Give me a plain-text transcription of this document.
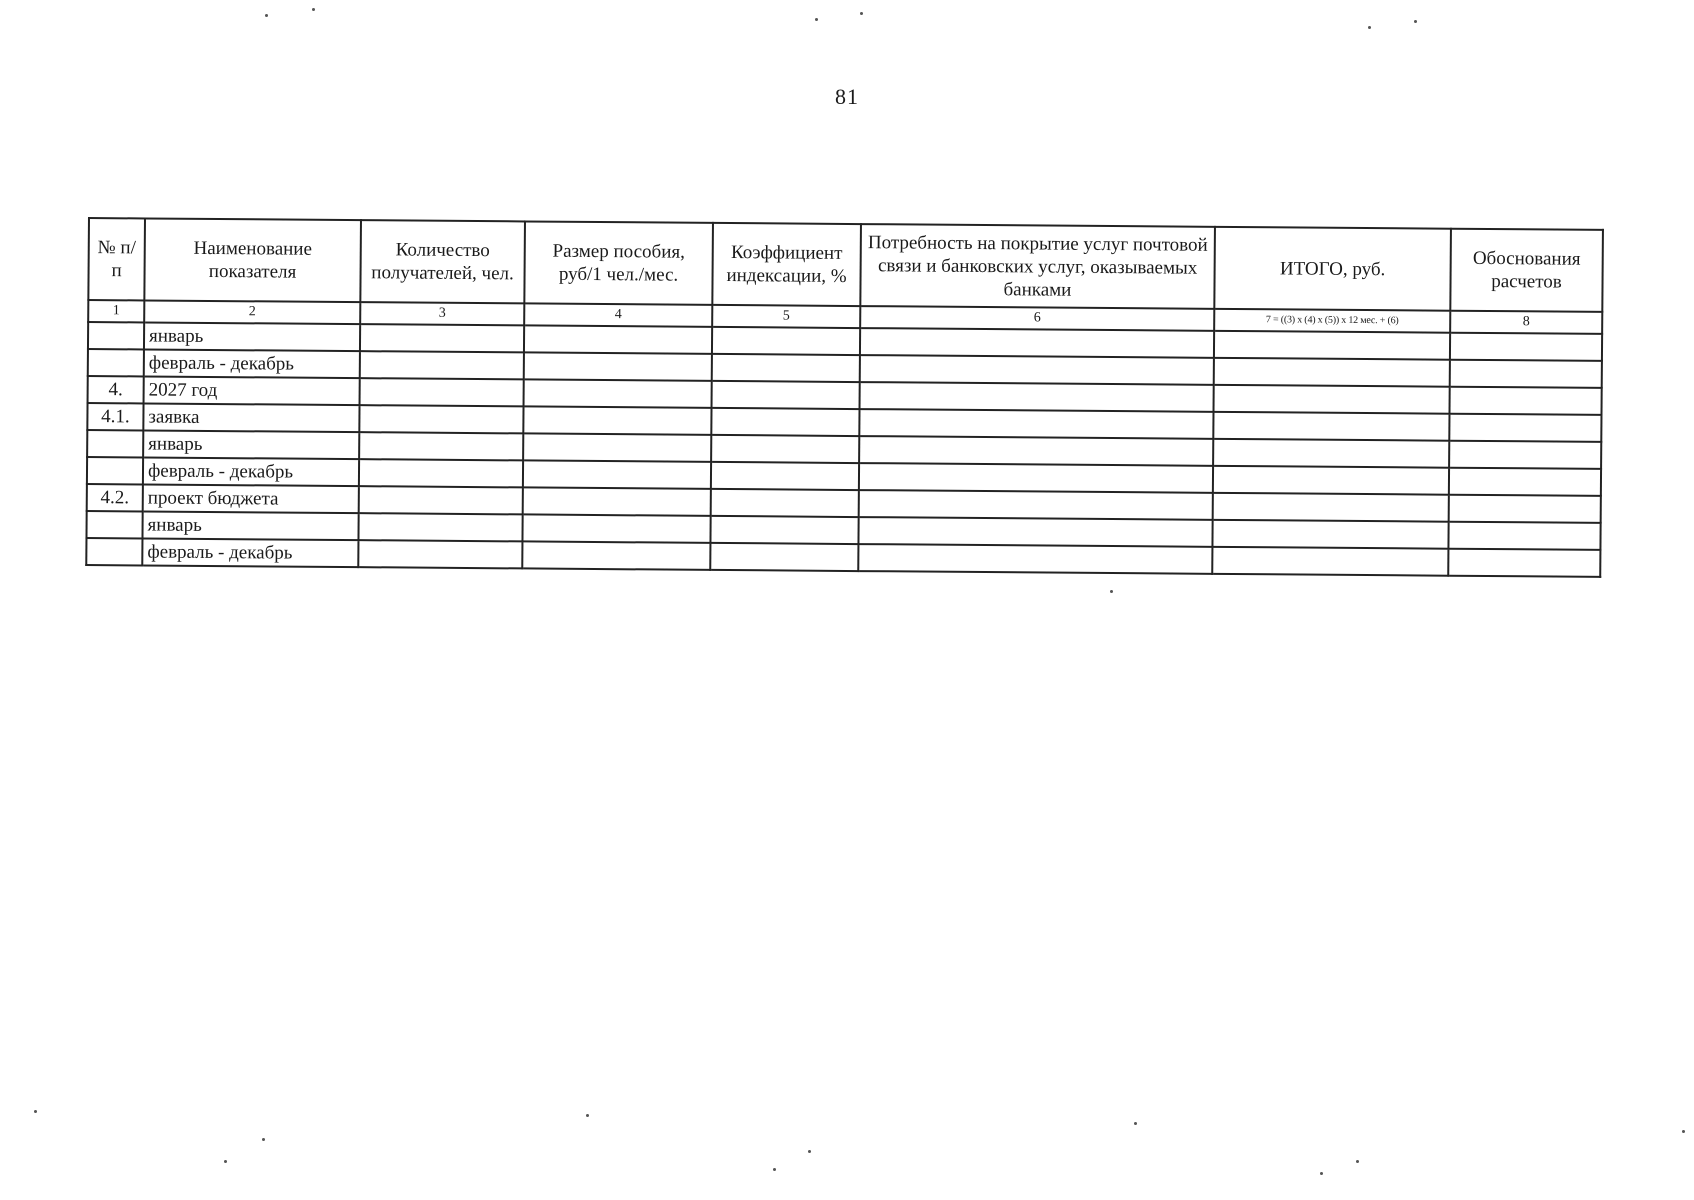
81
№ п/п	Наименование показателя	Количество получателей, чел.	Размер пособия, руб/1 чел./мес.	Коэффициент индексации, %	Потребность на покрытие услуг почтовой связи и банковских услуг, оказываемых банками	ИТОГО, руб.	Обоснования расчетов
1	2	3	4	5	6	7 = ((3) x (4) x (5)) x 12 мес. + (6)	8
	январь						
	февраль - декабрь						
4.	2027 год						
4.1.	заявка						
	январь						
	февраль - декабрь						
4.2.	проект бюджета						
	январь						
	февраль - декабрь						
